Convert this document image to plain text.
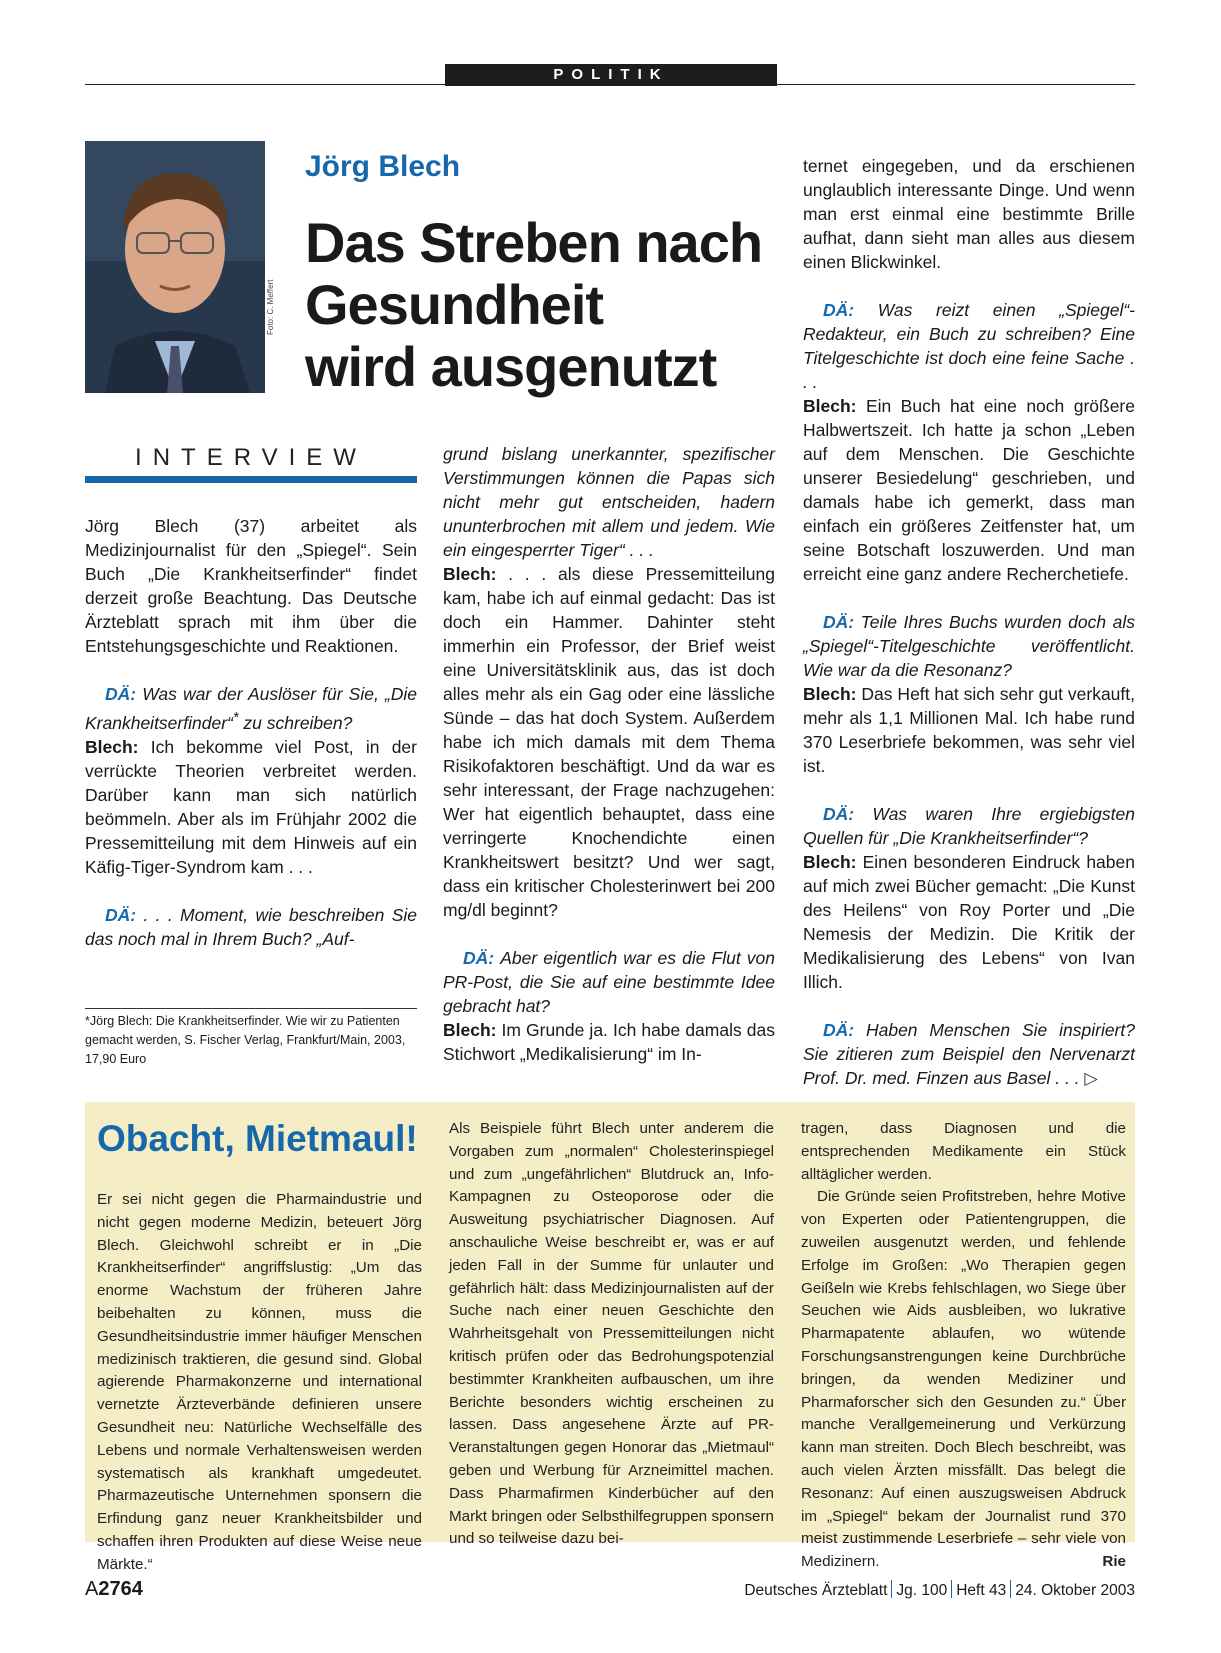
POLITIK
Foto: C. Meffert
Jörg Blech
Das Streben nach
Gesundheit
wird ausgenutzt
INTERVIEW

Jörg Blech (37) arbeitet als Medizinjournalist für den „Spiegel“. Sein Buch „Die Krankheitserfinder“ findet derzeit große Beachtung. Das Deutsche Ärzteblatt sprach mit ihm über die Entstehungsgeschichte und Reaktionen.

DÄ: Was war der Auslöser für Sie, „Die Krankheitserfinder“* zu schreiben?

Blech: Ich bekomme viel Post, in der verrückte Theorien verbreitet werden. Darüber kann man sich natürlich beömmeln. Aber als im Frühjahr 2002 die Pressemitteilung mit dem Hinweis auf ein Käfig-Tiger-Syndrom kam . . .

DÄ: . . . Moment, wie beschreiben Sie das noch mal in Ihrem Buch? „Auf-

*Jörg Blech: Die Krankheitserfinder. Wie wir zu Patienten gemacht werden, S. Fischer Verlag, Frankfurt/Main, 2003, 17,90 Euro

grund bislang unerkannter, spezifischer Verstimmungen können die Papas sich nicht mehr gut entscheiden, hadern ununterbrochen mit allem und jedem. Wie ein eingesperrter Tiger“ . . .

Blech: . . . als diese Pressemitteilung kam, habe ich auf einmal gedacht: Das ist doch ein Hammer. Dahinter steht immerhin ein Professor, der Brief weist eine Universitätsklinik aus, das ist doch alles mehr als ein Gag oder eine lässliche Sünde – das hat doch System. Außerdem habe ich mich damals mit dem Thema Risikofaktoren beschäftigt. Und da war es sehr interessant, der Frage nachzugehen: Wer hat eigentlich behauptet, dass eine verringerte Knochendichte einen Krankheitswert besitzt? Und wer sagt, dass ein kritischer Cholesterinwert bei 200 mg/dl beginnt?

DÄ: Aber eigentlich war es die Flut von PR-Post, die Sie auf eine bestimmte Idee gebracht hat?

Blech: Im Grunde ja. Ich habe damals das Stichwort „Medikalisierung“ im In-

ternet eingegeben, und da erschienen unglaublich interessante Dinge. Und wenn man erst einmal eine bestimmte Brille aufhat, dann sieht man alles aus diesem einen Blickwinkel.

DÄ: Was reizt einen „Spiegel“-Redakteur, ein Buch zu schreiben? Eine Titelgeschichte ist doch eine feine Sache . . .

Blech: Ein Buch hat eine noch größere Halbwertszeit. Ich hatte ja schon „Leben auf dem Menschen. Die Geschichte unserer Besiedelung“ geschrieben, und damals habe ich gemerkt, dass man einfach ein größeres Zeitfenster hat, um seine Botschaft loszuwerden. Und man erreicht eine ganz andere Recherchetiefe.

DÄ: Teile Ihres Buchs wurden doch als „Spiegel“-Titelgeschichte veröffentlicht. Wie war da die Resonanz?

Blech: Das Heft hat sich sehr gut verkauft, mehr als 1,1 Millionen Mal. Ich habe rund 370 Leserbriefe bekommen, was sehr viel ist.

DÄ: Was waren Ihre ergiebigsten Quellen für „Die Krankheitserfinder“?

Blech: Einen besonderen Eindruck haben auf mich zwei Bücher gemacht: „Die Kunst des Heilens“ von Roy Porter und „Die Nemesis der Medizin. Die Kritik der Medikalisierung des Lebens“ von Ivan Illich.

DÄ: Haben Menschen Sie inspiriert? Sie zitieren zum Beispiel den Nervenarzt Prof. Dr. med. Finzen aus Basel . . . ▷

Obacht, Mietmaul!

Er sei nicht gegen die Pharmaindustrie und nicht gegen moderne Medizin, beteuert Jörg Blech. Gleichwohl schreibt er in „Die Krankheitserfinder“ angriffslustig: „Um das enorme Wachstum der früheren Jahre beibehalten zu können, muss die Gesundheitsindustrie immer häufiger Menschen medizinisch traktieren, die gesund sind. Global agierende Pharmakonzerne und international vernetzte Ärzteverbände definieren unsere Gesundheit neu: Natürliche Wechselfälle des Lebens und normale Verhaltensweisen werden systematisch als krankhaft umgedeutet. Pharmazeutische Unternehmen sponsern die Erfindung ganz neuer Krankheitsbilder und schaffen ihren Produkten auf diese Weise neue Märkte.“

Als Beispiele führt Blech unter anderem die Vorgaben zum „normalen“ Cholesterinspiegel und zum „ungefährlichen“ Blutdruck an, Info-Kampagnen zu Osteoporose oder die Ausweitung psychiatrischer Diagnosen. Auf anschauliche Weise beschreibt er, was er auf jeden Fall in der Summe für unlauter und gefährlich hält: dass Medizinjournalisten auf der Suche nach einer neuen Geschichte den Wahrheitsgehalt von Pressemitteilungen nicht kritisch prüfen oder das Bedrohungspotenzial bestimmter Krankheiten aufbauschen, um ihre Berichte besonders wichtig erscheinen zu lassen. Dass angesehene Ärzte auf PR-Veranstaltungen gegen Honorar das „Mietmaul“ geben und Werbung für Arzneimittel machen. Dass Pharmafirmen Kinderbücher auf den Markt bringen oder Selbsthilfegruppen sponsern und so teilweise dazu bei-

tragen, dass Diagnosen und die entsprechenden Medikamente ein Stück alltäglicher werden.

Die Gründe seien Profitstreben, hehre Motive von Experten oder Patientengruppen, die zuweilen ausgenutzt werden, und fehlende Erfolge im Großen: „Wo Therapien gegen Geißeln wie Krebs fehlschlagen, wo Siege über Seuchen wie Aids ausbleiben, wo lukrative Pharmapatente ablaufen, wo wütende Forschungsanstrengungen keine Durchbrüche bringen, da wenden Mediziner und Pharmaforscher sich den Gesunden zu.“ Über manche Verallgemeinerung und Verkürzung kann man streiten. Doch Blech beschreibt, was auch vielen Ärzten missfällt. Das belegt die Resonanz: Auf einen auszugsweisen Abdruck im „Spiegel“ bekam der Journalist rund 370 meist zustimmende Leserbriefe – sehr viele von Medizinern.	Rie

A2764	Deutsches Ärzteblatt Jg. 100 Heft 43 24. Oktober 2003
